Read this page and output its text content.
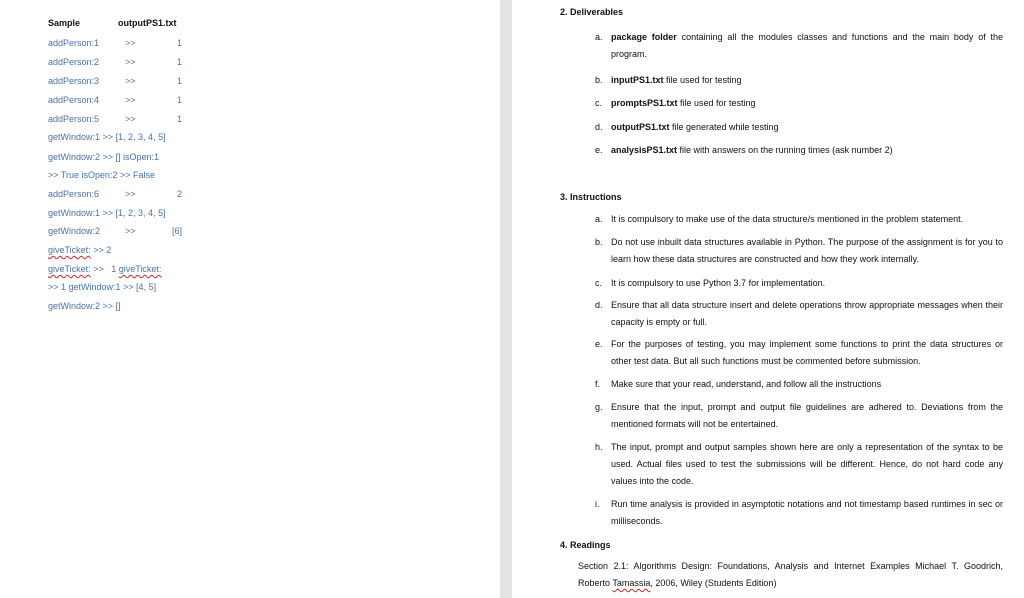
Sample	outputPS1.txt
addPerson:1	>>	1
addPerson:2	>>	1
addPerson:3	>>	1
addPerson:4	>>	1
addPerson:5	>>	1
getWindow:1 >> [1, 2, 3, 4, 5]
getWindow:2 >> [] isOpen:1
>> True isOpen:2 >> False
addPerson:6	>>	2
getWindow:1 >> [1, 2, 3, 4, 5]
getWindow:2	>>	[6]
giveTicket: >> 2
giveTicket: >>   1 giveTicket:
>> 1 getWindow:1 >> [4, 5]
getWindow:2 >> []
2. Deliverables
a. package folder containing all the modules classes and functions and the main body of the program.
b. inputPS1.txt file used for testing
c. promptsPS1.txt file used for testing
d. outputPS1.txt file generated while testing
e. analysisPS1.txt file with answers on the running times (ask number 2)
3. Instructions
a. It is compulsory to make use of the data structure/s mentioned in the problem statement.
b. Do not use inbuilt data structures available in Python. The purpose of the assignment is for you to learn how these data structures are constructed and how they work internally.
c. It is compulsory to use Python 3.7 for implementation.
d. Ensure that all data structure insert and delete operations throw appropriate messages when their capacity is empty or full.
e. For the purposes of testing, you may implement some functions to print the data structures or other test data. But all such functions must be commented before submission.
f. Make sure that your read, understand, and follow all the instructions
g. Ensure that the input, prompt and output file guidelines are adhered to. Deviations from the mentioned formats will not be entertained.
h. The input, prompt and output samples shown here are only a representation of the syntax to be used. Actual files used to test the submissions will be different. Hence, do not hard code any values into the code.
i. Run time analysis is provided in asymptotic notations and not timestamp based runtimes in sec or milliseconds.
4. Readings
Section 2.1: Algorithms Design: Foundations, Analysis and Internet Examples Michael T. Goodrich, Roberto Tamassia, 2006, Wiley (Students Edition)
